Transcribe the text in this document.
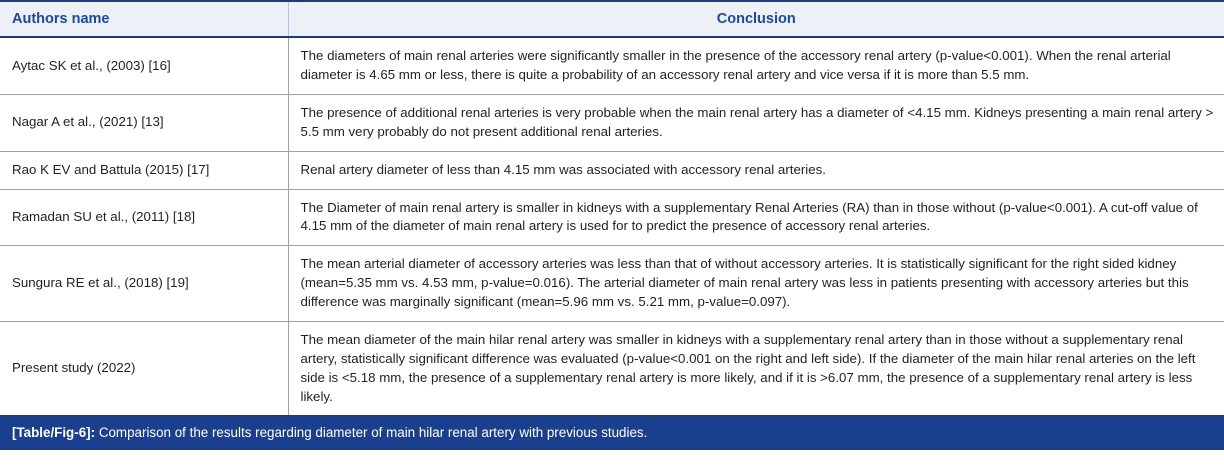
Authors name	Conclusion
Aytac SK et al., (2003) [16]	The diameters of main renal arteries were significantly smaller in the presence of the accessory renal artery (p-value<0.001). When the renal arterial diameter is 4.65 mm or less, there is quite a probability of an accessory renal artery and vice versa if it is more than 5.5 mm.
Nagar A et al., (2021) [13]	The presence of additional renal arteries is very probable when the main renal artery has a diameter of <4.15 mm. Kidneys presenting a main renal artery > 5.5 mm very probably do not present additional renal arteries.
Rao K EV and Battula (2015) [17]	Renal artery diameter of less than 4.15 mm was associated with accessory renal arteries.
Ramadan SU et al., (2011) [18]	The Diameter of main renal artery is smaller in kidneys with a supplementary Renal Arteries (RA) than in those without (p-value<0.001). A cut-off value of 4.15 mm of the diameter of main renal artery is used for to predict the presence of accessory renal arteries.
Sungura RE et al., (2018) [19]	The mean arterial diameter of accessory arteries was less than that of without accessory arteries. It is statistically significant for the right sided kidney (mean=5.35 mm vs. 4.53 mm, p-value=0.016). The arterial diameter of main renal artery was less in patients presenting with accessory arteries but this difference was marginally significant (mean=5.96 mm vs. 5.21 mm, p-value=0.097).
Present study (2022)	The mean diameter of the main hilar renal artery was smaller in kidneys with a supplementary renal artery than in those without a supplementary renal artery, statistically significant difference was evaluated (p-value<0.001 on the right and left side). If the diameter of the main hilar renal arteries on the left side is <5.18 mm, the presence of a supplementary renal artery is more likely, and if it is >6.07 mm, the presence of a supplementary renal artery is less likely.
[Table/Fig-6]: Comparison of the results regarding diameter of main hilar renal artery with previous studies.
